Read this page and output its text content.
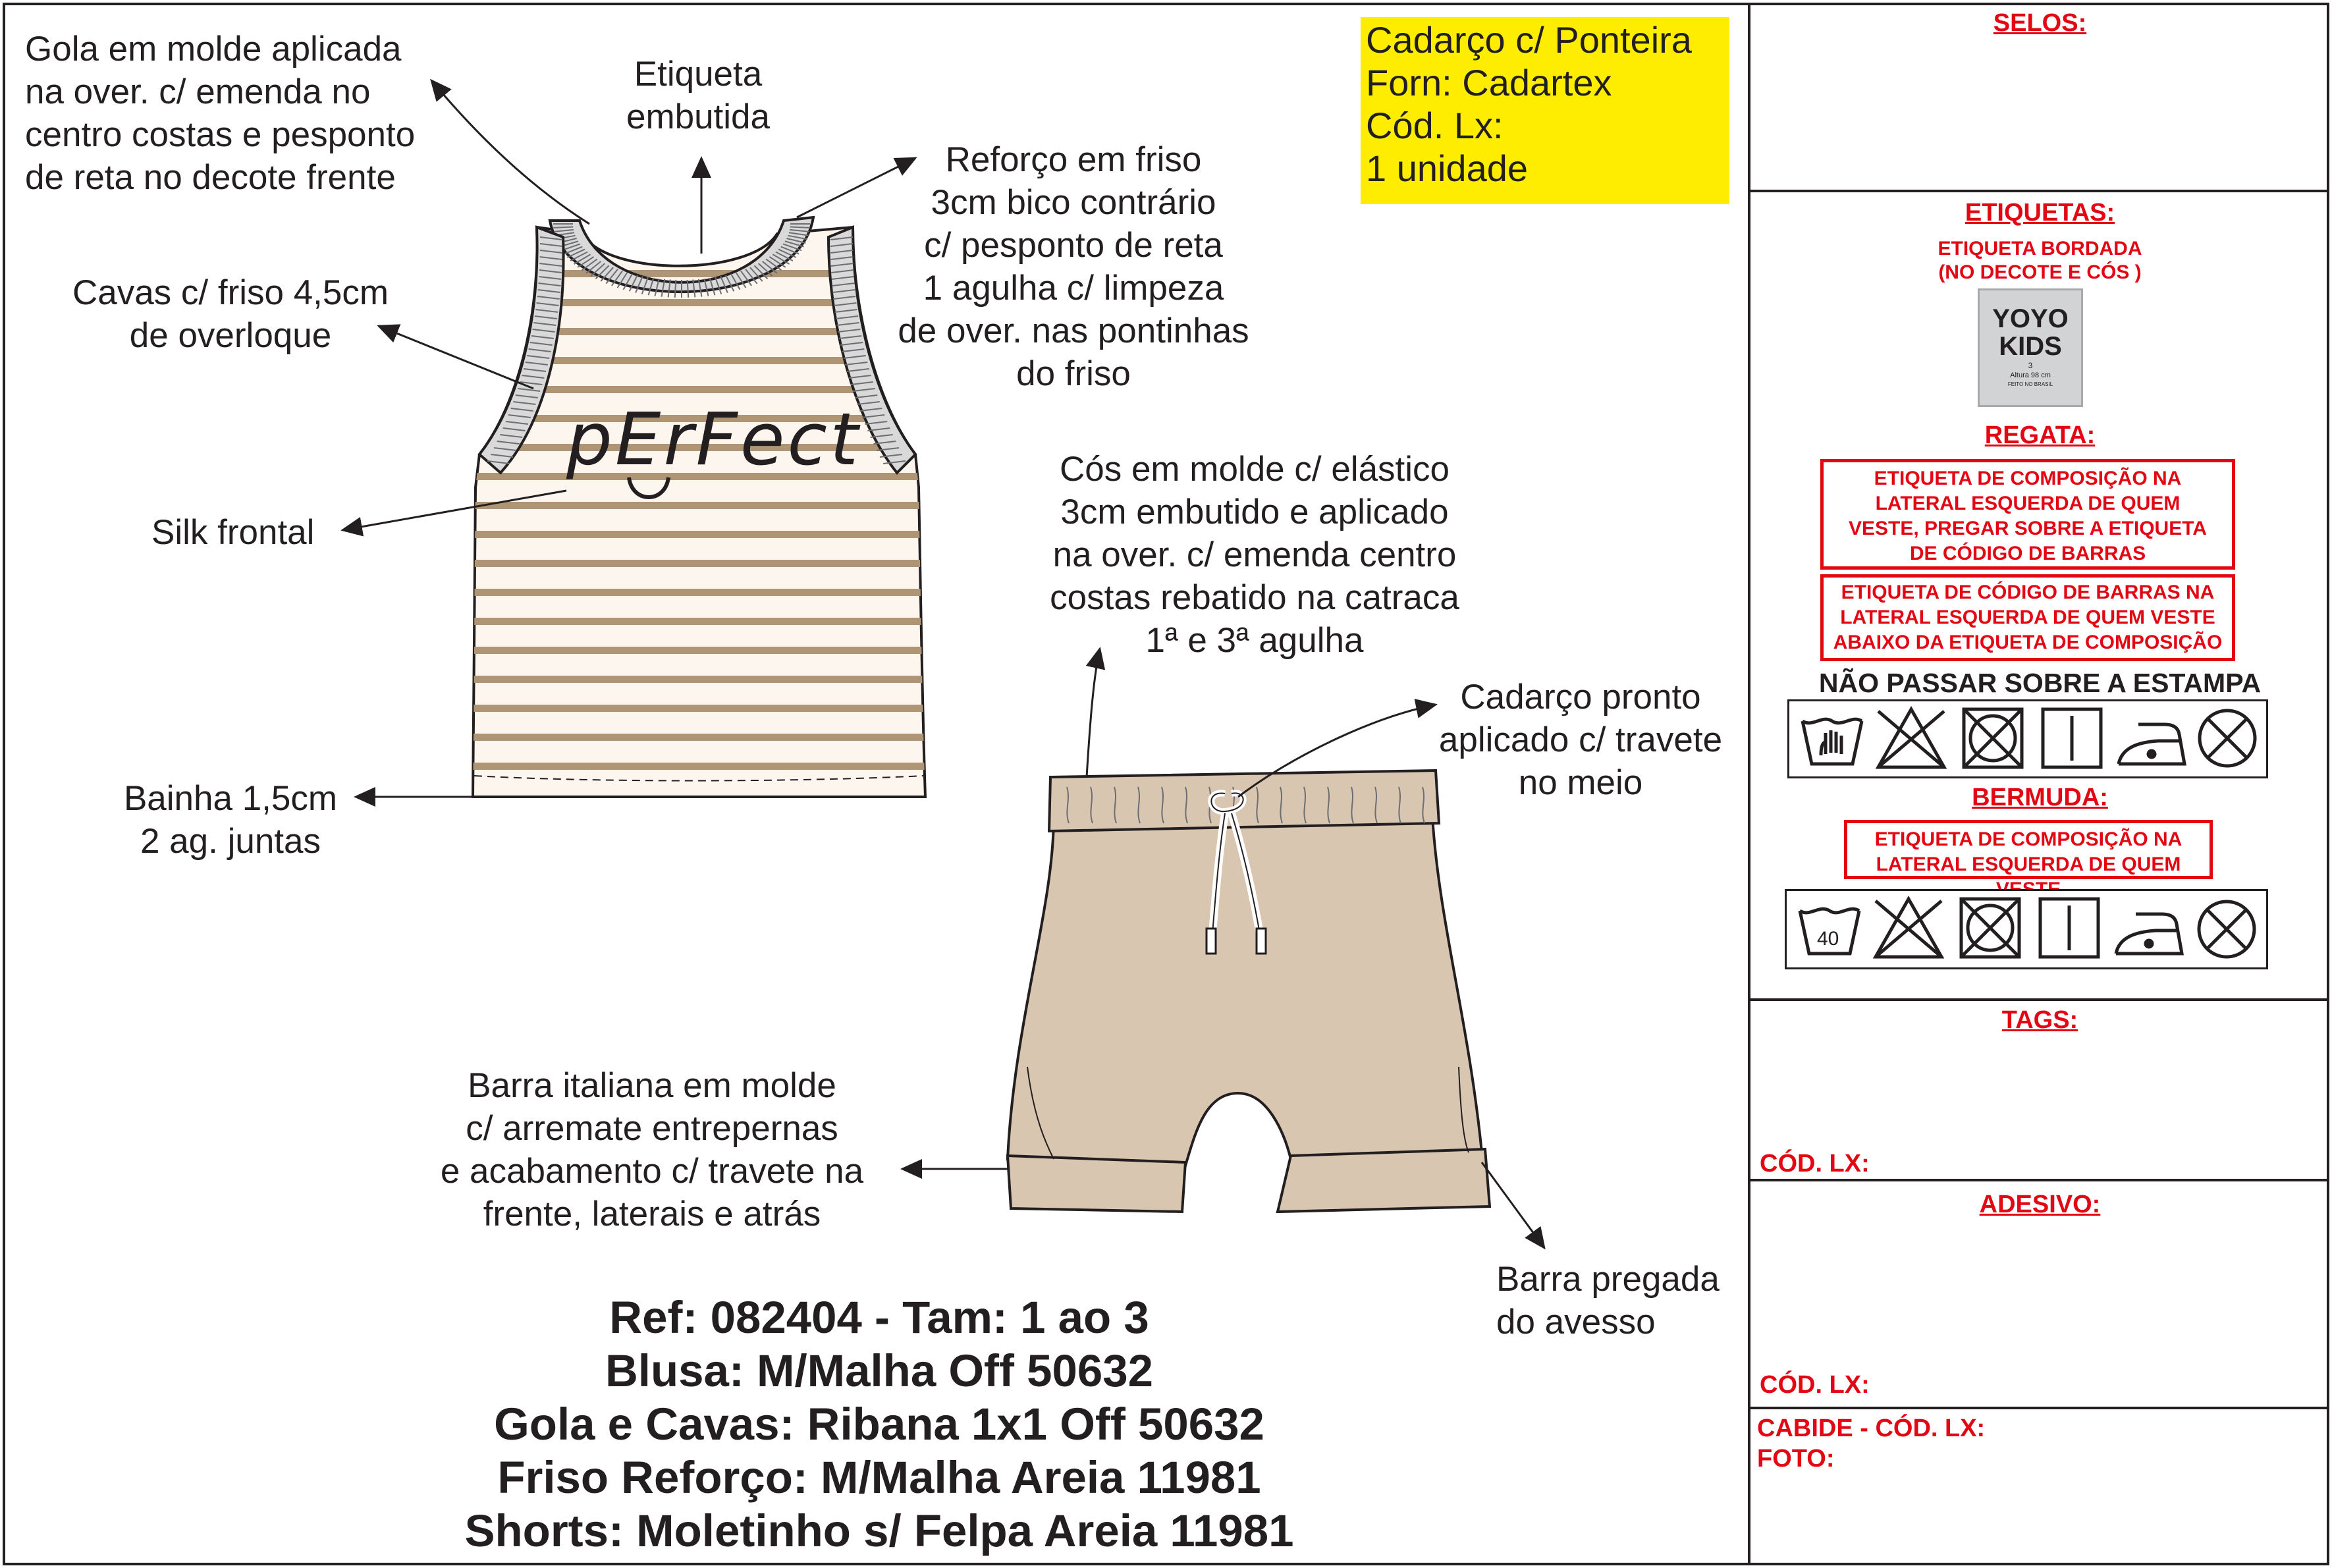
pErFect
Gola em molde aplicada
na over. c/ emenda no
centro costas e pesponto
de reta no decote frente
Etiqueta
embutida
Reforço em friso
3cm bico contrário
c/ pesponto de reta
1 agulha c/ limpeza
de over. nas pontinhas
do friso
Cavas c/ friso 4,5cm
de overloque
Silk frontal
Bainha 1,5cm
2 ag. juntas
Cós em molde c/ elástico
3cm embutido e aplicado
na over. c/ emenda centro
costas rebatido na catraca
1ª e 3ª agulha
Cadarço pronto
aplicado c/ travete
no meio
Barra italiana em molde
c/ arremate entrepernas
e acabamento c/ travete na
frente, laterais e atrás
Barra pregada
do avesso
Cadarço c/ Ponteira
Forn: Cadartex
Cód. Lx:
1 unidade
Ref: 082404 - Tam: 1 ao 3
Blusa: M/Malha Off 50632
Gola e Cavas: Ribana 1x1 Off 50632
Friso Reforço: M/Malha Areia 11981
Shorts: Moletinho s/ Felpa Areia 11981
SELOS:
ETIQUETAS:
ETIQUETA BORDADA
(NO DECOTE E CÓS )
YOYO
KIDS
3
Altura 98 cm
FEITO NO BRASIL
REGATA:
ETIQUETA DE COMPOSIÇÃO NA
LATERAL ESQUERDA DE QUEM
VESTE, PREGAR SOBRE A ETIQUETA
DE CÓDIGO DE BARRAS
ETIQUETA DE CÓDIGO DE BARRAS NA
LATERAL ESQUERDA DE QUEM VESTE
ABAIXO DA ETIQUETA DE COMPOSIÇÃO
NÃO PASSAR SOBRE A ESTAMPA
BERMUDA:
ETIQUETA DE COMPOSIÇÃO NA
LATERAL ESQUERDA DE QUEM
40
TAGS:
CÓD. LX:
ADESIVO:
CÓD. LX:
CABIDE - CÓD. LX:
FOTO:
